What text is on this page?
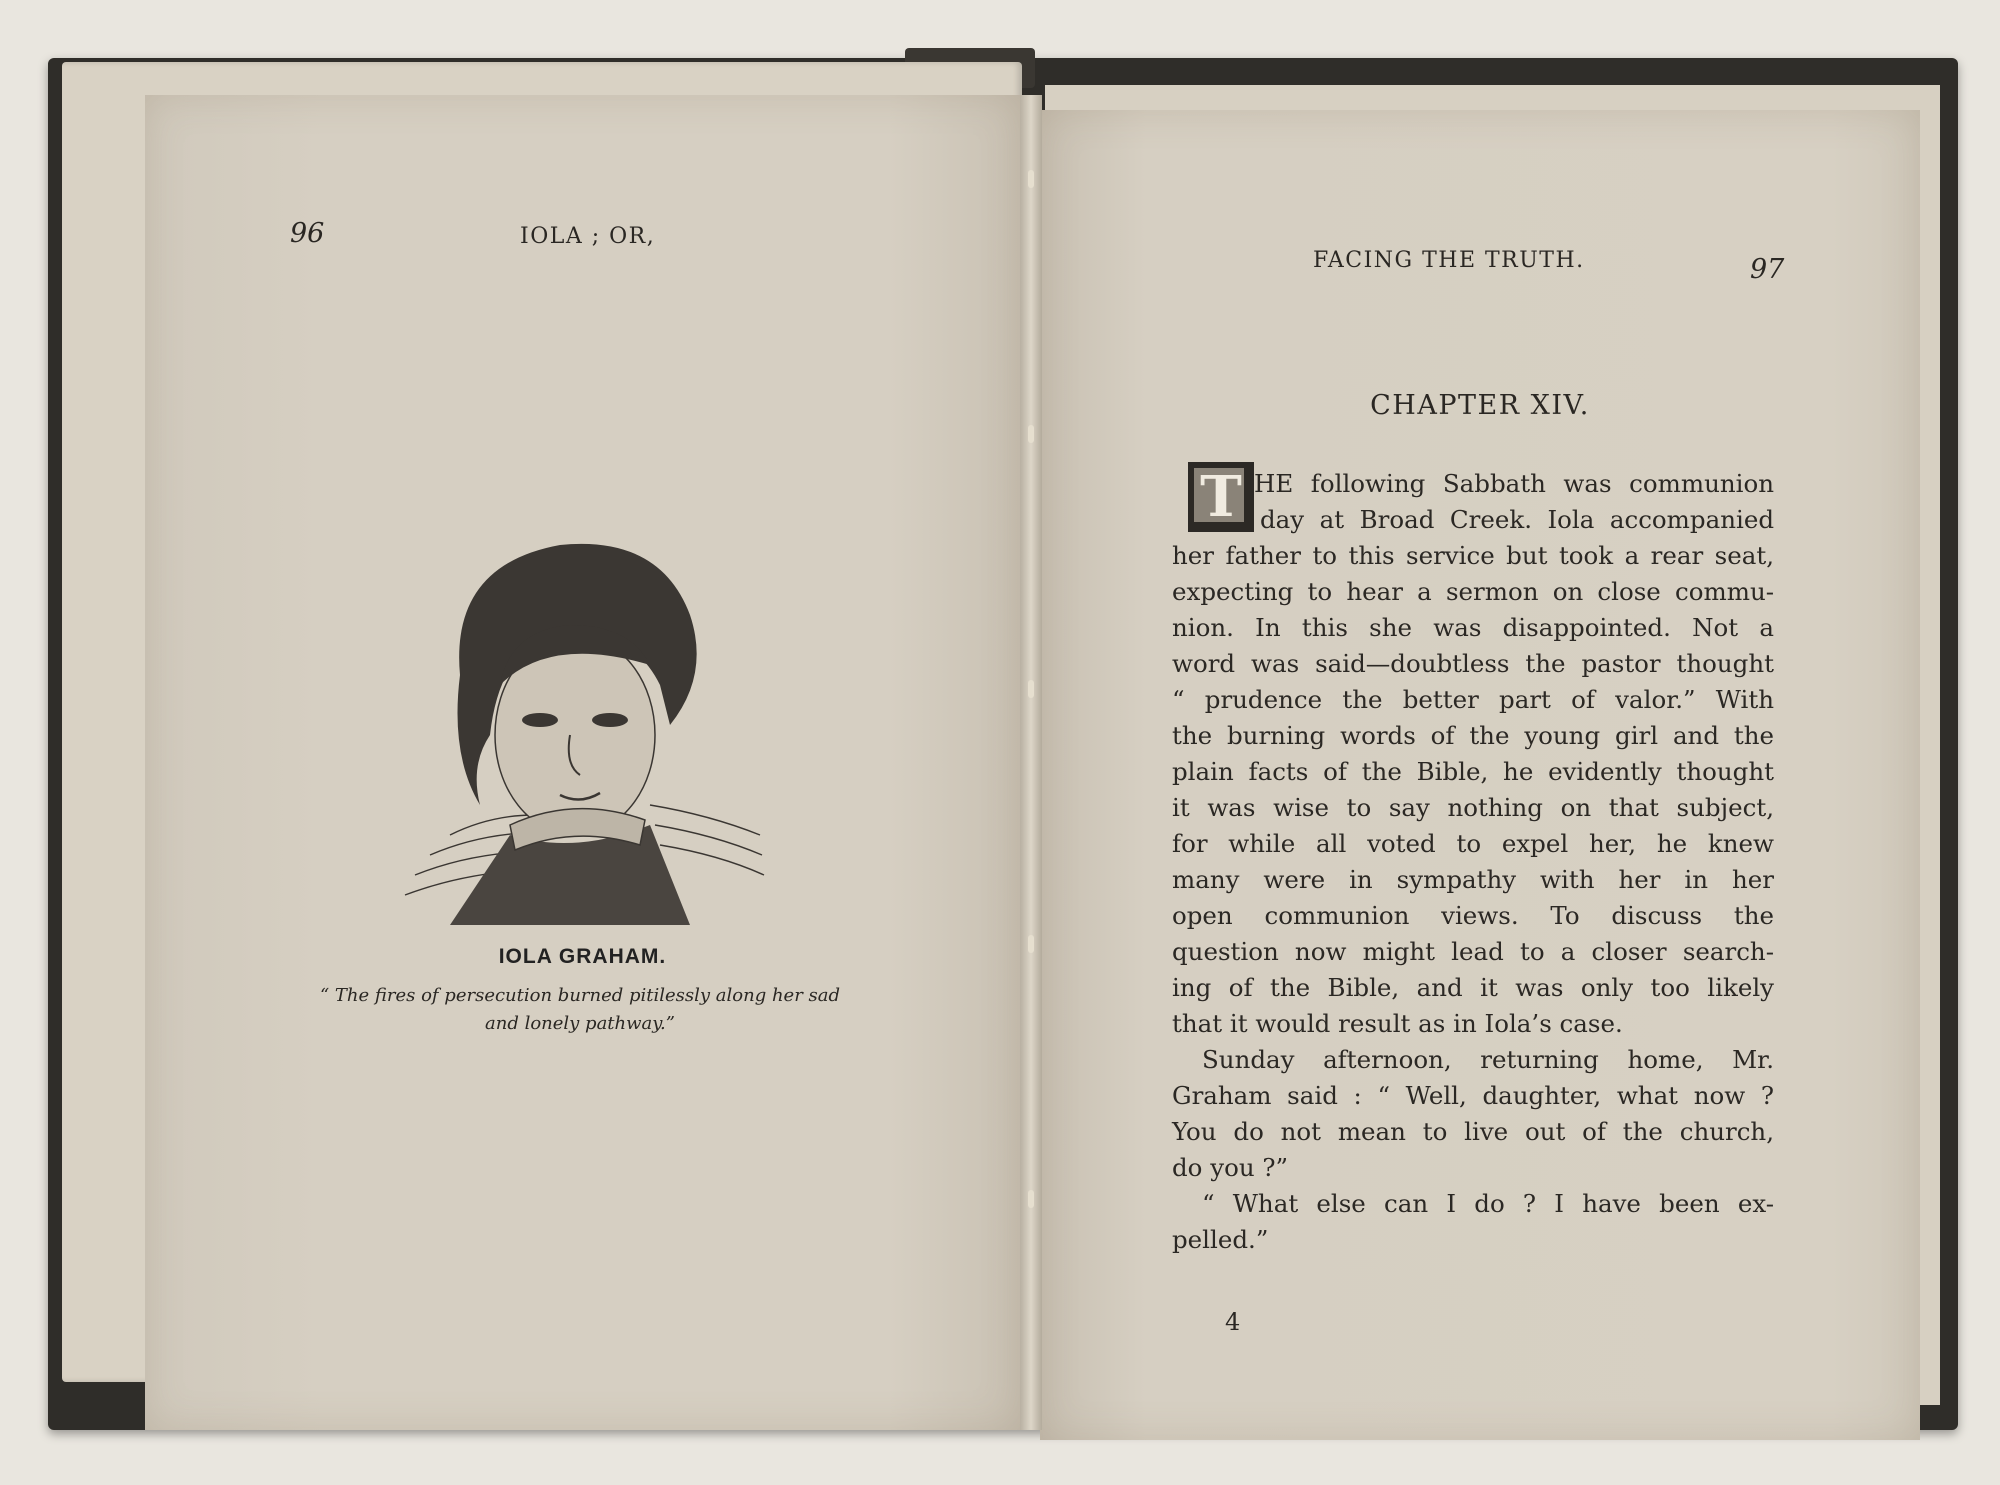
96	IOLA ; OR,
IOLA GRAHAM.
“ The fires of persecution burned pitilessly along her sad
and lonely pathway.”
FACING THE TRUTH.	97
CHAPTER XIV.
T HE following Sabbath was communion
day at Broad Creek. Iola accompanied
her father to this service but took a rear seat,
expecting to hear a sermon on close commu-
nion. In this she was disappointed. Not a
word was said—doubtless the pastor thought
“ prudence the better part of valor.” With
the burning words of the young girl and the
plain facts of the Bible, he evidently thought
it was wise to say nothing on that subject,
for while all voted to expel her, he knew
many were in sympathy with her in her
open communion views. To discuss the
question now might lead to a closer search-
ing of the Bible, and it was only too likely
that it would result as in Iola’s case.
Sunday afternoon, returning home, Mr.
Graham said : “ Well, daughter, what now ?
You do not mean to live out of the church,
do you ?”
“ What else can I do ? I have been ex-
pelled.”
4
